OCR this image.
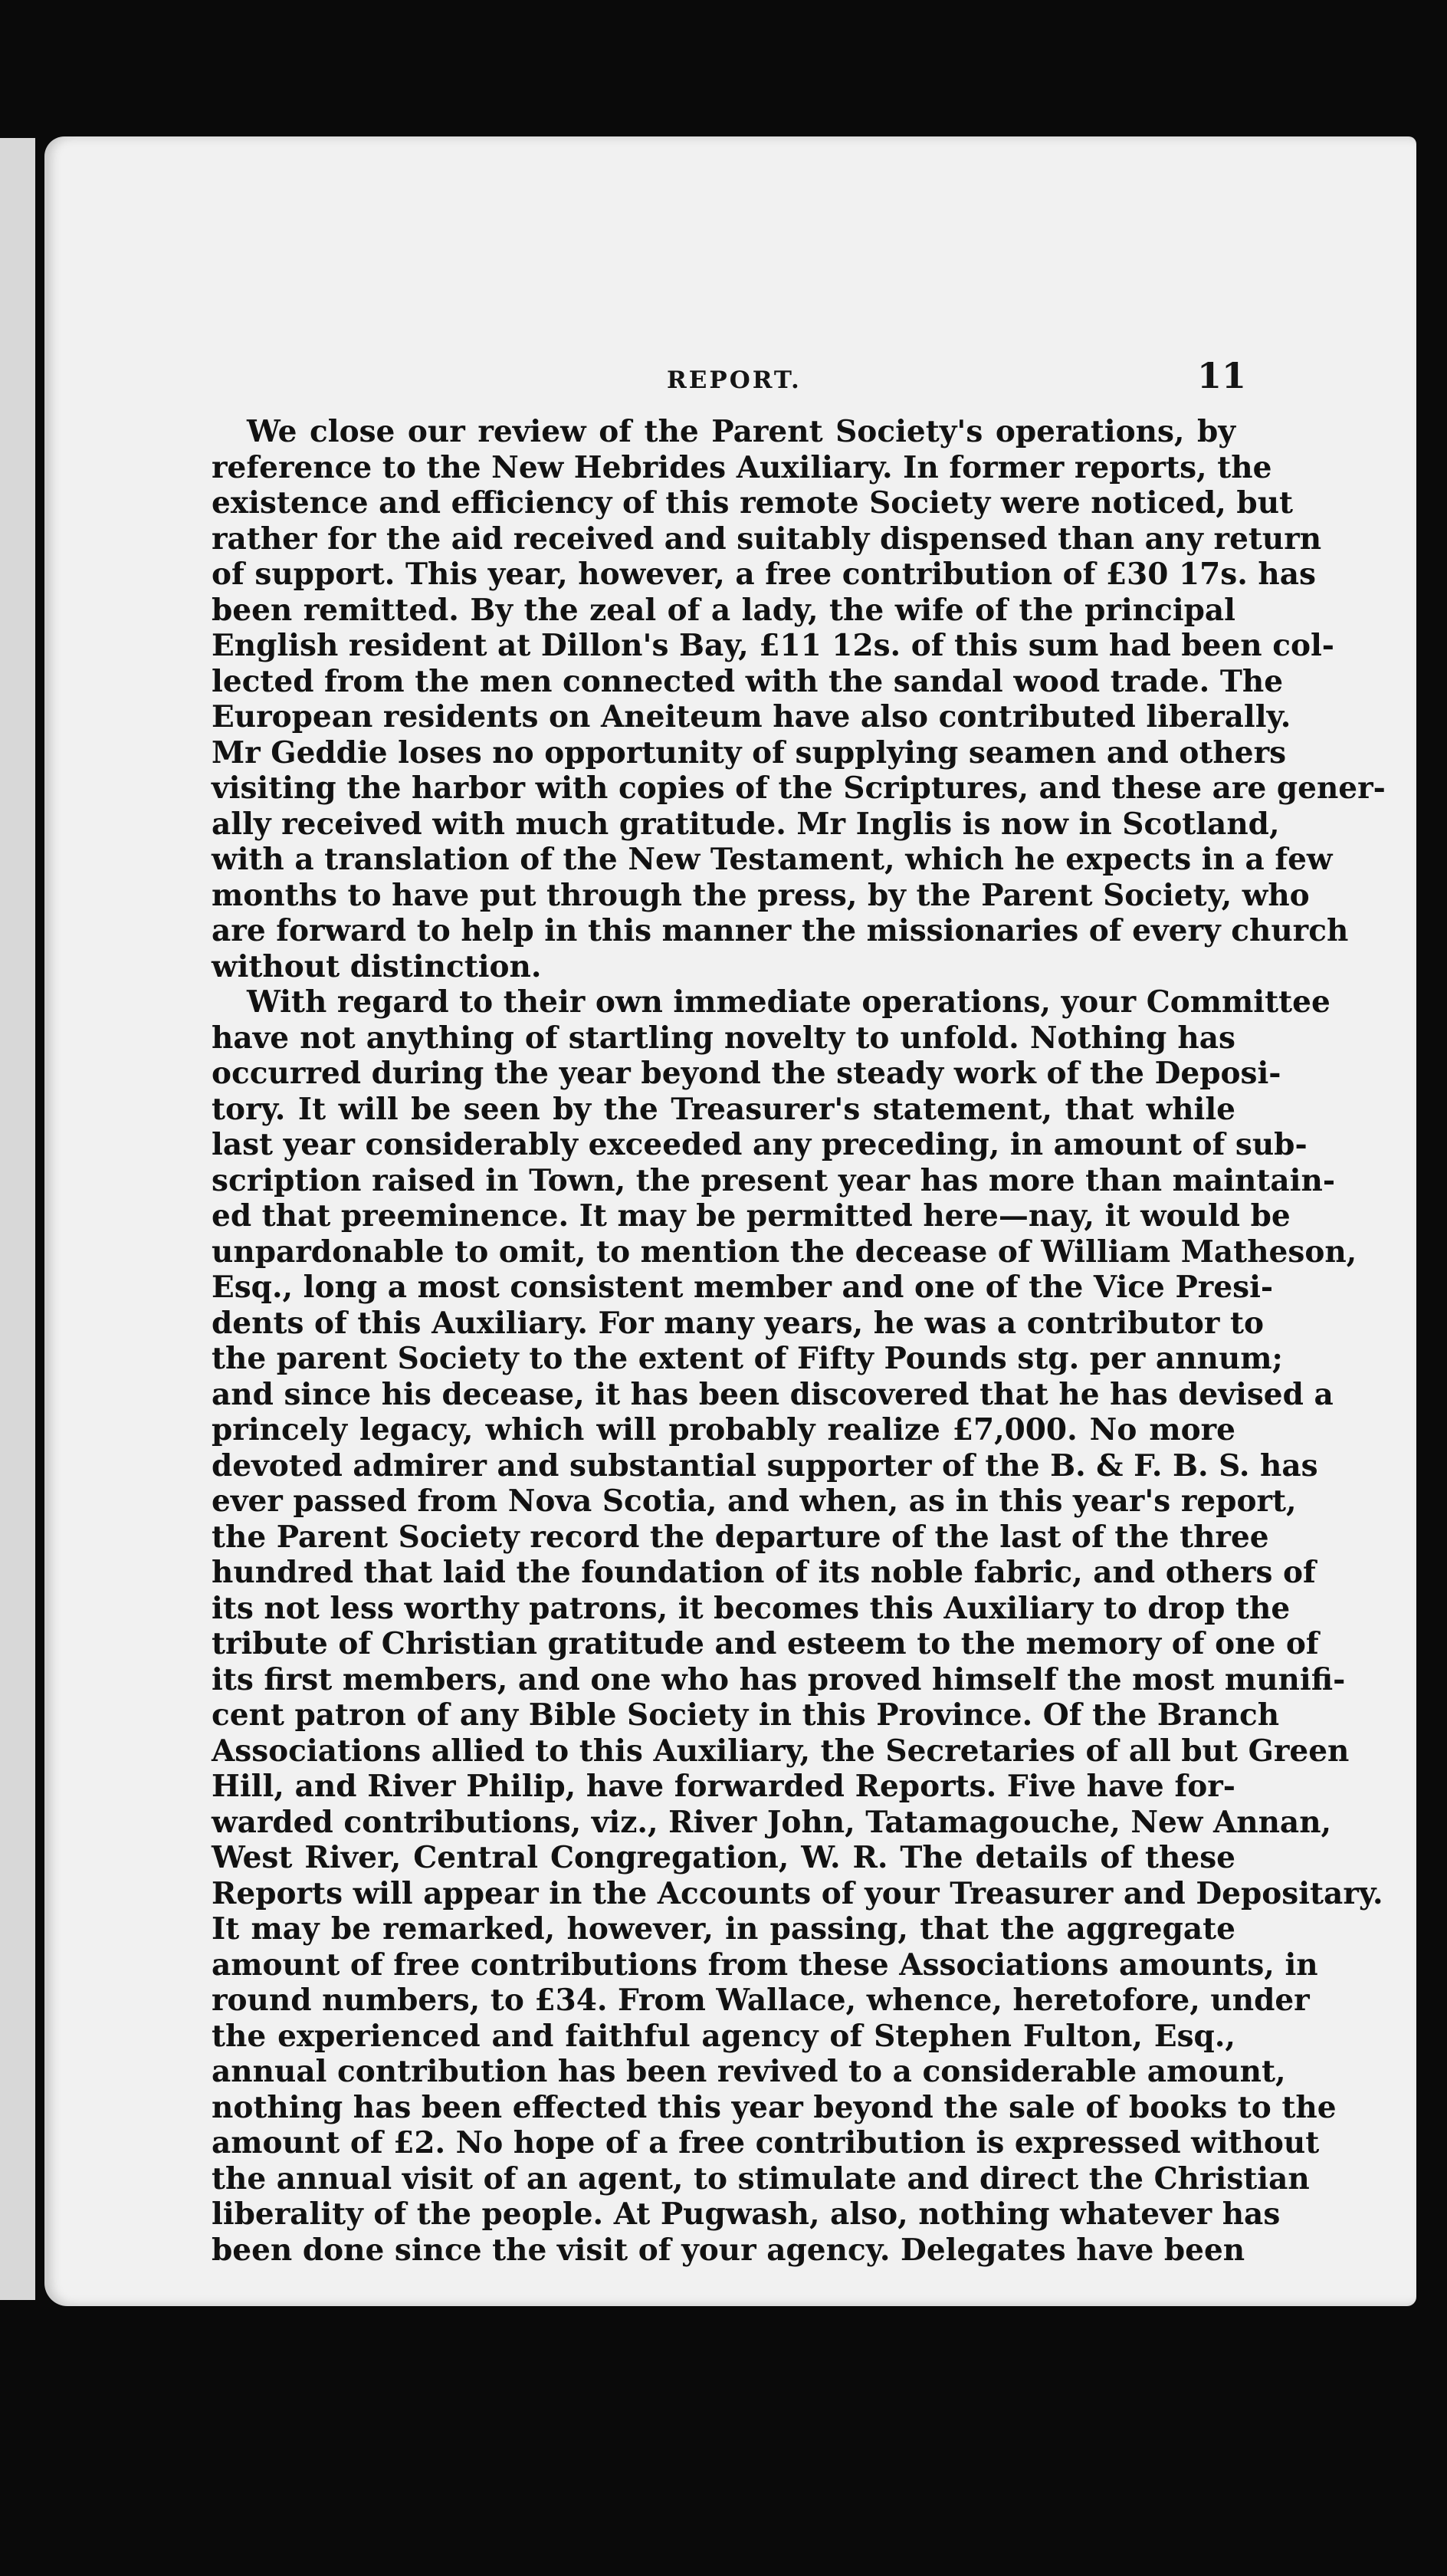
REPORT.	11
We close our review of the Parent Society's operations, by
reference to the New Hebrides Auxiliary. In former reports, the
existence and efficiency of this remote Society were noticed, but
rather for the aid received and suitably dispensed than any return
of support. This year, however, a free contribution of £30 17s. has
been remitted. By the zeal of a lady, the wife of the principal
English resident at Dillon's Bay, £11 12s. of this sum had been col-
lected from the men connected with the sandal wood trade. The
European residents on Aneiteum have also contributed liberally.
Mr Geddie loses no opportunity of supplying seamen and others
visiting the harbor with copies of the Scriptures, and these are gener-
ally received with much gratitude. Mr Inglis is now in Scotland,
with a translation of the New Testament, which he expects in a few
months to have put through the press, by the Parent Society, who
are forward to help in this manner the missionaries of every church
without distinction.
With regard to their own immediate operations, your Committee
have not anything of startling novelty to unfold. Nothing has
occurred during the year beyond the steady work of the Deposi-
tory. It will be seen by the Treasurer's statement, that while
last year considerably exceeded any preceding, in amount of sub-
scription raised in Town, the present year has more than maintain-
ed that preeminence. It may be permitted here—nay, it would be
unpardonable to omit, to mention the decease of William Matheson,
Esq., long a most consistent member and one of the Vice Presi-
dents of this Auxiliary. For many years, he was a contributor to
the parent Society to the extent of Fifty Pounds stg. per annum;
and since his decease, it has been discovered that he has devised a
princely legacy, which will probably realize £7,000. No more
devoted admirer and substantial supporter of the B. & F. B. S. has
ever passed from Nova Scotia, and when, as in this year's report,
the Parent Society record the departure of the last of the three
hundred that laid the foundation of its noble fabric, and others of
its not less worthy patrons, it becomes this Auxiliary to drop the
tribute of Christian gratitude and esteem to the memory of one of
its first members, and one who has proved himself the most munifi-
cent patron of any Bible Society in this Province. Of the Branch
Associations allied to this Auxiliary, the Secretaries of all but Green
Hill, and River Philip, have forwarded Reports. Five have for-
warded contributions, viz., River John, Tatamagouche, New Annan,
West River, Central Congregation, W. R. The details of these
Reports will appear in the Accounts of your Treasurer and Depositary.
It may be remarked, however, in passing, that the aggregate
amount of free contributions from these Associations amounts, in
round numbers, to £34. From Wallace, whence, heretofore, under
the experienced and faithful agency of Stephen Fulton, Esq.,
annual contribution has been revived to a considerable amount,
nothing has been effected this year beyond the sale of books to the
amount of £2. No hope of a free contribution is expressed without
the annual visit of an agent, to stimulate and direct the Christian
liberality of the people. At Pugwash, also, nothing whatever has
been done since the visit of your agency. Delegates have been
